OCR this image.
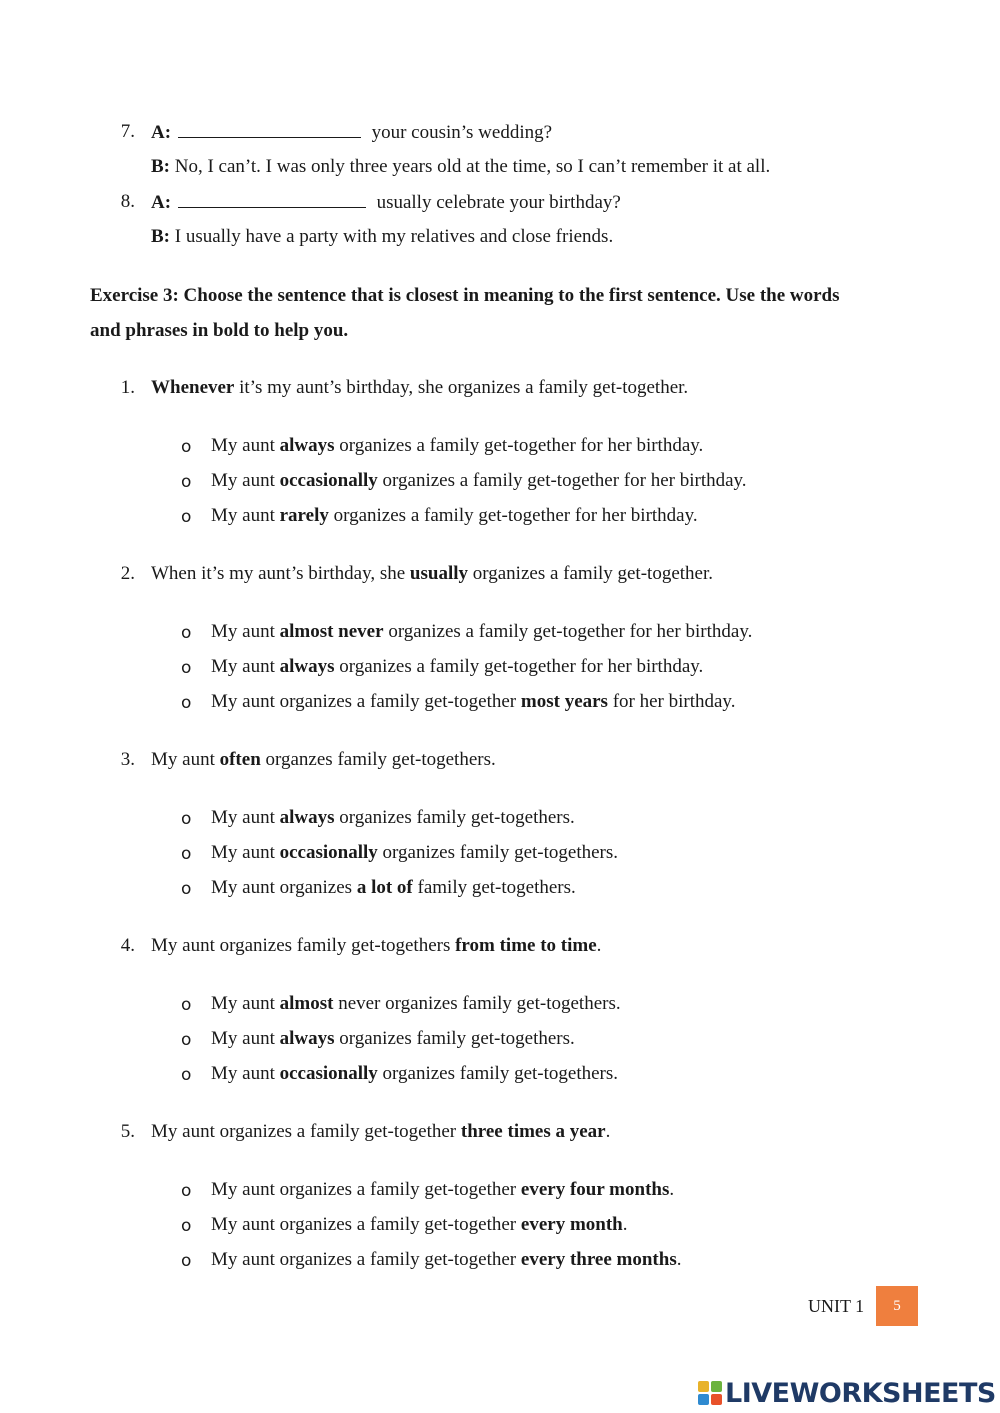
7. A:	your cousin’s wedding?
B: No, I can’t. I was only three years old at the time, so I can’t remember it at all.
8. A:	usually celebrate your birthday?
B: I usually have a party with my relatives and close friends.
Exercise 3: Choose the sentence that is closest in meaning to the first sentence. Use the words
and phrases in bold to help you.
1. Whenever it’s my aunt’s birthday, she organizes a family get-together.
o My aunt always organizes a family get-together for her birthday.
o My aunt occasionally organizes a family get-together for her birthday.
o My aunt rarely organizes a family get-together for her birthday.
2. When it’s my aunt’s birthday, she usually organizes a family get-together.
o My aunt almost never organizes a family get-together for her birthday.
o My aunt always organizes a family get-together for her birthday.
o My aunt organizes a family get-together most years for her birthday.
3. My aunt often organzes family get-togethers.
o My aunt always organizes family get-togethers.
o My aunt occasionally organizes family get-togethers.
o My aunt organizes a lot of family get-togethers.
4. My aunt organizes family get-togethers from time to time.
o My aunt almost never organizes family get-togethers.
o My aunt always organizes family get-togethers.
o My aunt occasionally organizes family get-togethers.
5. My aunt organizes a family get-together three times a year.
o My aunt organizes a family get-together every four months.
o My aunt organizes a family get-together every month.
o My aunt organizes a family get-together every three months.
UNIT 1	5
LIVEWORKSHEETS
